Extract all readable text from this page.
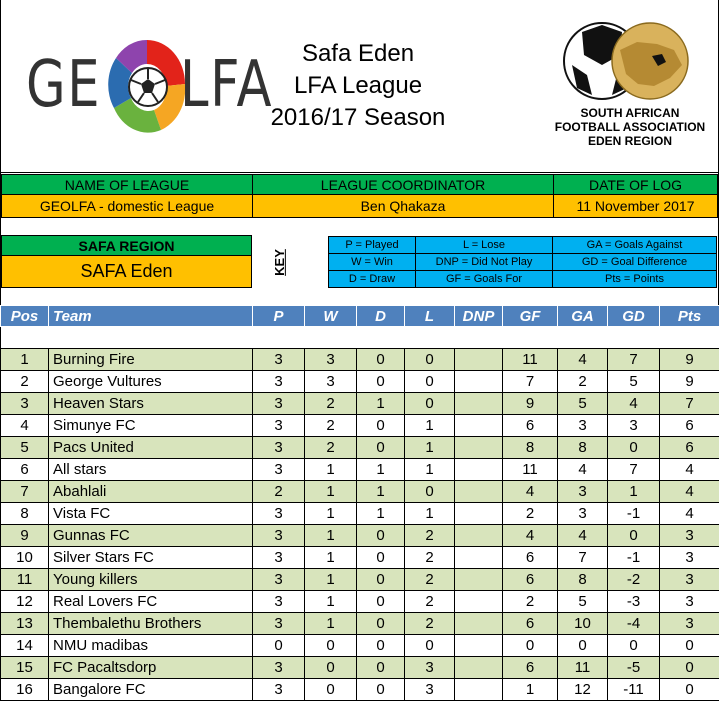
GE LFA	Safa Eden
LFA League
2016/17 Season	SOUTH AFRICAN
FOOTBALL ASSOCIATION
EDEN REGION
NAME OF LEAGUE	LEAGUE COORDINATOR	DATE OF LOG
GEOLFA - domestic League	Ben Qhakaza	11 November 2017
SAFA REGION
SAFA Eden	KEY
P = Played	L = Lose	GA = Goals Against
W = Win	DNP = Did Not Play	GD = Goal Difference
D = Draw	GF = Goals For	Pts = Points
Pos	Team	P	W	D	L	DNP	GF	GA	GD	Pts

1	Burning Fire	3	3	0	0		11	4	7	9
2	George Vultures	3	3	0	0		7	2	5	9
3	Heaven Stars	3	2	1	0		9	5	4	7
4	Simunye FC	3	2	0	1		6	3	3	6
5	Pacs United	3	2	0	1		8	8	0	6
6	All stars	3	1	1	1		11	4	7	4
7	Abahlali	2	1	1	0		4	3	1	4
8	Vista FC	3	1	1	1		2	3	-1	4
9	Gunnas FC	3	1	0	2		4	4	0	3
10	Silver Stars FC	3	1	0	2		6	7	-1	3
11	Young killers	3	1	0	2		6	8	-2	3
12	Real Lovers FC	3	1	0	2		2	5	-3	3
13	Thembalethu Brothers	3	1	0	2		6	10	-4	3
14	NMU madibas	0	0	0	0		0	0	0	0
15	FC Pacaltsdorp	3	0	0	3		6	11	-5	0
16	Bangalore FC	3	0	0	3		1	12	-11	0
